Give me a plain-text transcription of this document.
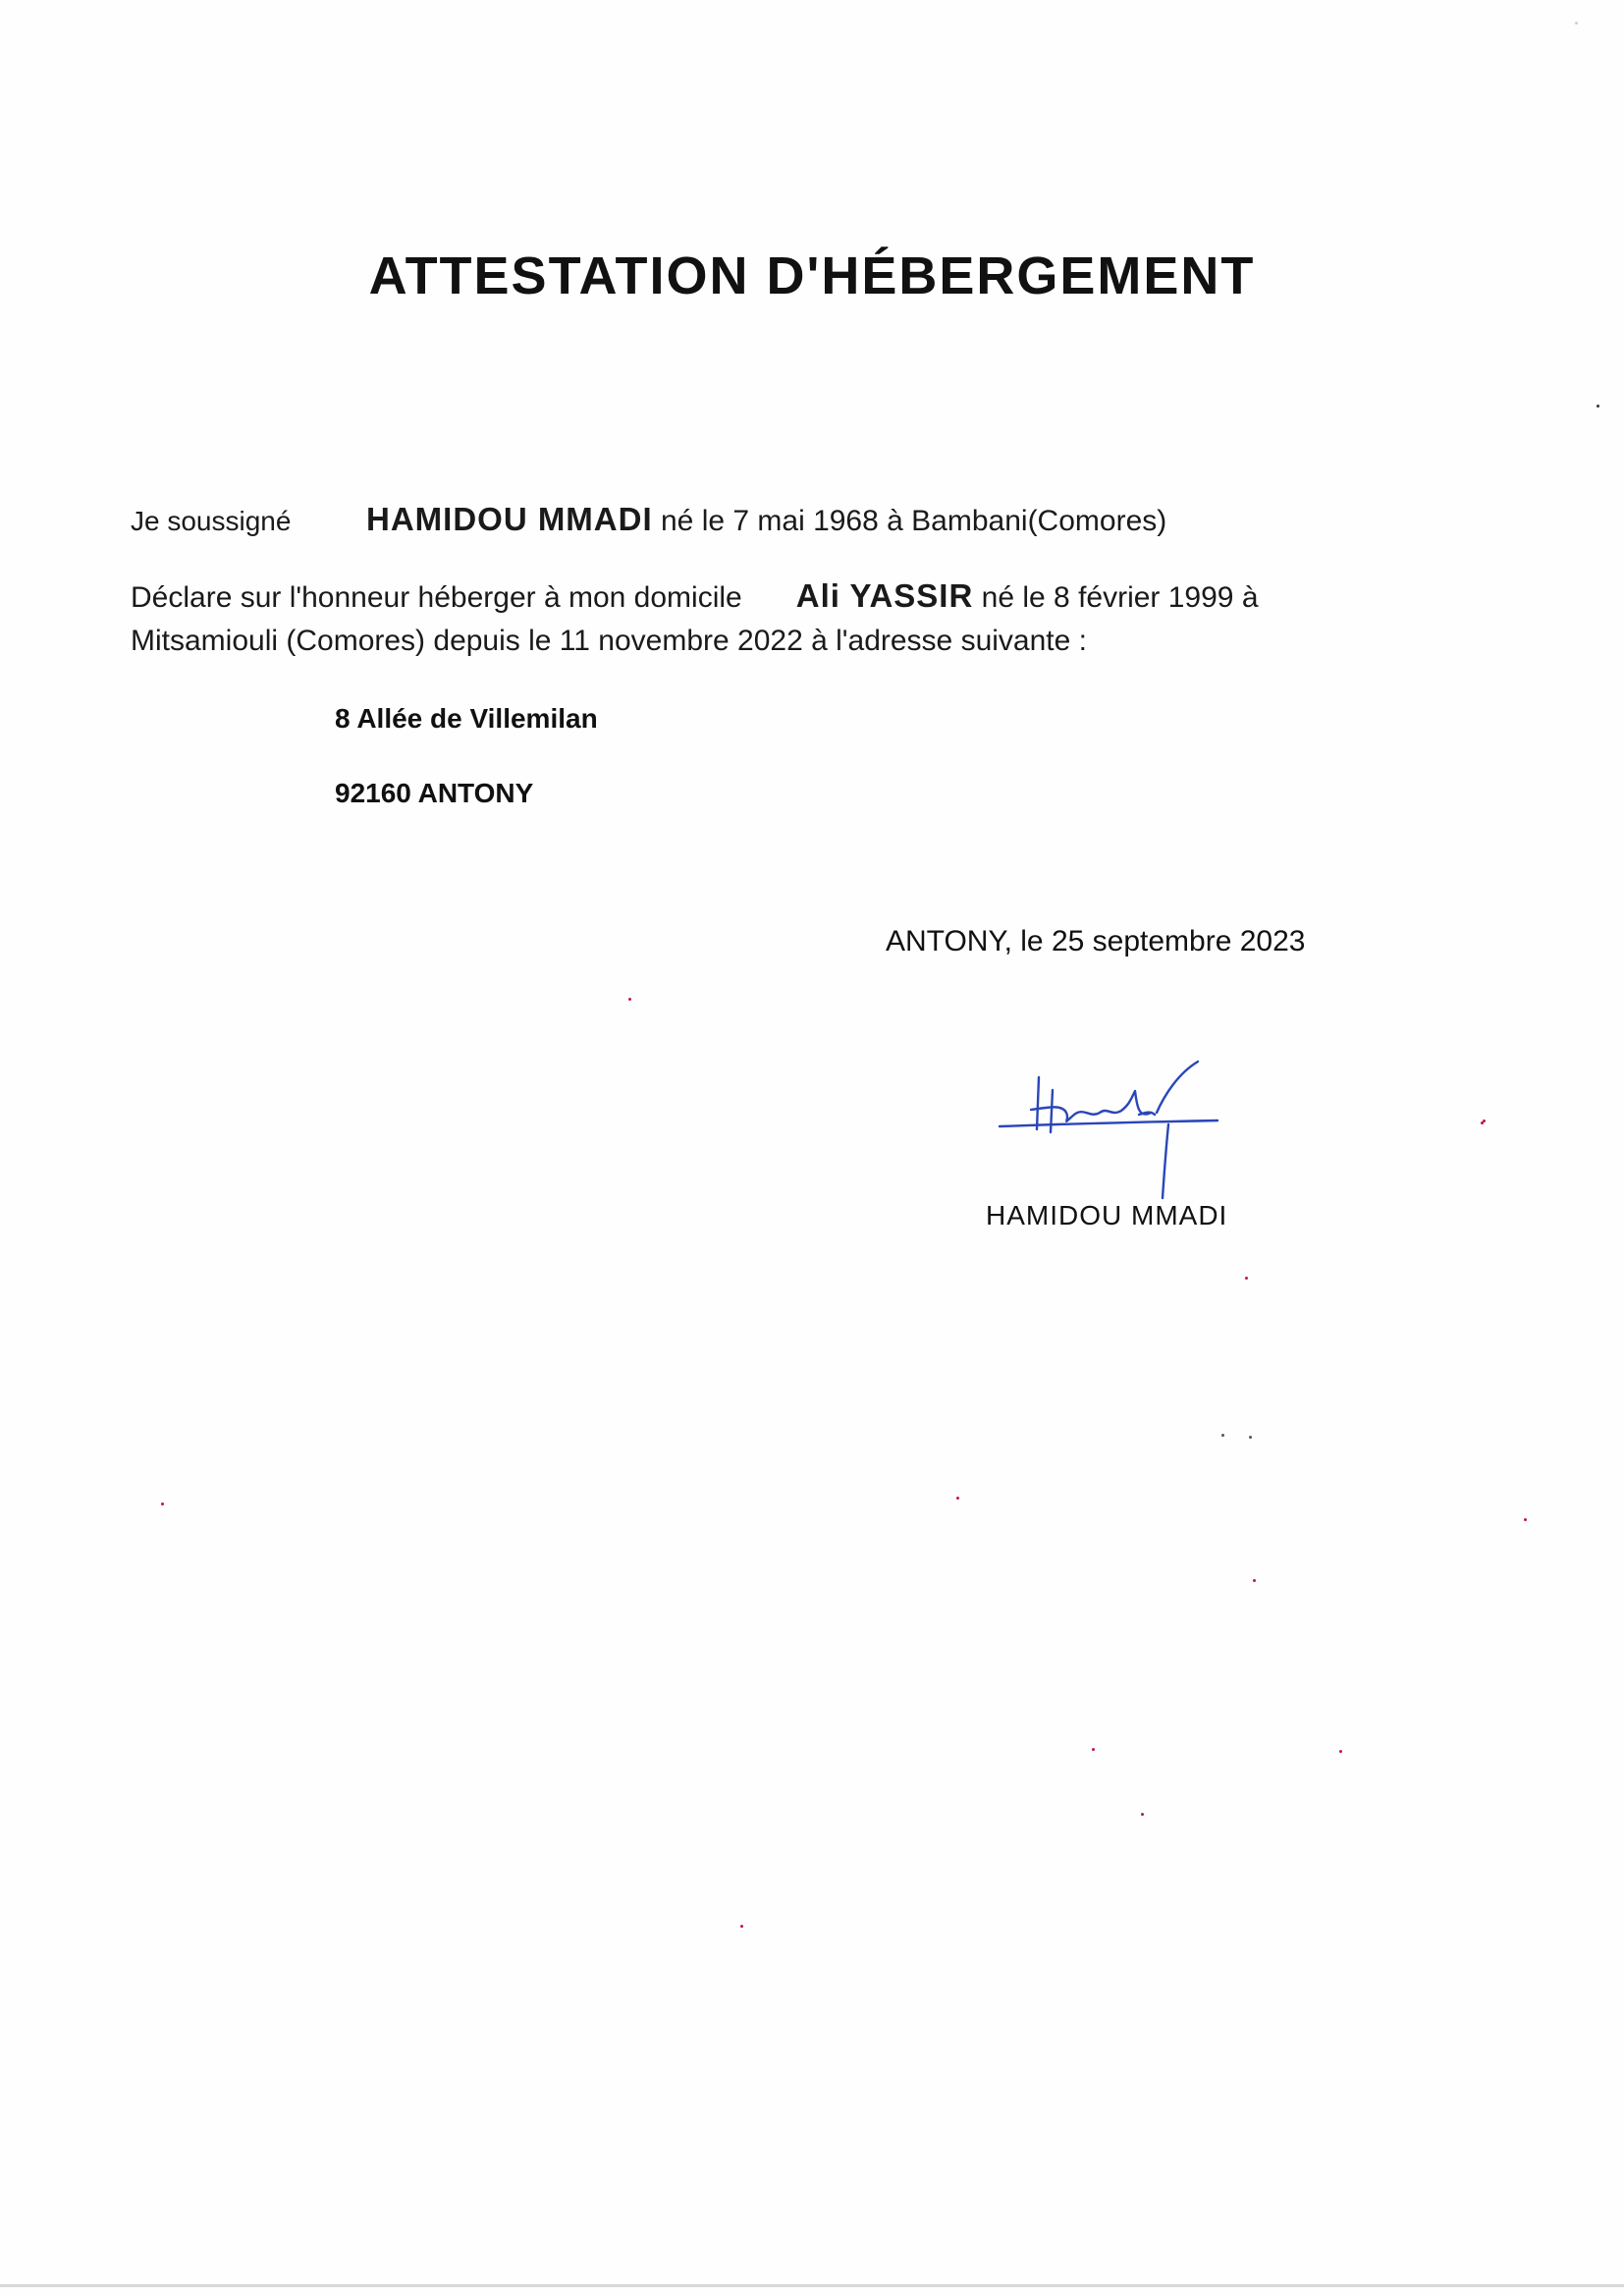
ATTESTATION D'HÉBERGEMENT
Je soussigné HAMIDOU MMADI né le 7 mai 1968 à Bambani(Comores)
Déclare sur l'honneur héberger à mon domicile Ali YASSIR né le 8 février 1999 à
Mitsamiouli (Comores) depuis le 11 novembre 2022 à l'adresse suivante :
8 Allée de Villemilan
92160 ANTONY
ANTONY, le 25 septembre 2023
HAMIDOU MMADI
